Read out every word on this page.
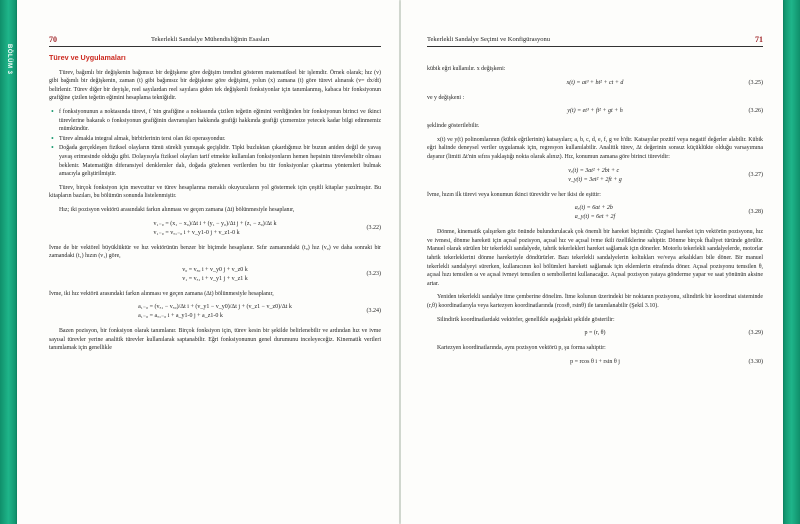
BÖLÜM 3
70	Tekerlekli Sandalye Mühendisliğinin Esasları
Türev ve Uygulamaları

Türev, bağımlı bir değişkenin bağımsız bir değişkene göre değişim trendini gösteren matematiksel bir işlemdir. Örnek olarak; hız (v) gibi bağımlı bir değişkenin, zaman (t) gibi bağımsız bir değişkene göre değişimi, yolun (x) zamana (t) göre türevi alınarak (v= dx/dt) belirlenir. Türev diğer bir deyişle, reel sayılardan reel sayılara giden tek değişkenli fonksiyonlar için tanımlanmış, kabaca bir fonksiyonun grafiğine çizilen teğetin eğimini hesaplama tekniğidir.

• f fonksiyonunun a noktasında türevi, f 'nin grafiğine a noktasında çizilen teğetin eğimini verdiğinden bir fonksiyonun birinci ve ikinci türevlerine bakarak o fonksiyonun grafiğinin davranışları hakkında grafiği hakkında grafiği çizmemize yetecek kadar bilgi edinmemiz mümkündür.
• Türev almakla integral almak, birbirlerinin tersi olan iki operasyondur.
• Doğada gerçekleşen fiziksel olayların tümü sürekli yumuşak geçişlidir. Tipki buzluktan çıkardığımız bir buzun aniden değil de yavaş yavaş erimesinde olduğu gibi. Dolayısıyla fiziksel olayları tarif etmekte kullanılan fonksiyonların hemen hepsinin türevlenebilir olması beklenir. Matematiğin diferansiyel denklemler dalı, doğada gözlenen verilerden bu tür fonksiyonlar çıkartma yöntemleri bulmak amacıyla geliştirilmiştir.

Türev, birçok fonksiyon için mevcuttur ve türev hesaplarına meraklı okuyucuların yol göstermek için çeşitli kitaplar yazılmıştır. Bu kitapların bazıları, bu bölümün sonunda listelenmiştir.

Hız; iki pozisyon vektörü arasındaki farkın alınması ve geçen zamana (Δt) bölünmesiyle hesaplanır,

v₁₋₀ = (x₁ − x₀)/Δt i + (y₁ − y₀)/Δt j + (z₁ − z₀)/Δt k
v₁₋₀ = vₓ₁₋₀ i + v_y1-0 j + v_z1-0 k
(3.22)

İvme de bir vektörel büyüklüktür ve hız vektörünün benzer bir biçimde hesaplanır. Sıfır zamanındaki (t₀) hız (v₀) ve daha sonraki bir zamandaki (t₁) hızın (v₁) göre,

v₀ = vₓ₀ i + v_y0 j + v_z0 k
v₁ = vₓ₁ i + v_y1 j + v_z1 k
(3.23)

İvme, iki hız vektörü arasındaki farkın alınması ve geçen zamana (Δt) bölünmesiyle hesaplanır,

a₁₋₀ = (vₓ₁ − vₓ₀)/Δt i + (v_y1 − v_y0)/Δt j + (v_z1 − v_z0)/Δt k
a₁₋₀ = aₓ₁₋₀ i + a_y1-0 j + a_z1-0 k
(3.24)

Bazen pozisyon, bir fonksiyon olarak tanımlanır. Birçok fonksiyon için, türev kesin bir şekilde belirlenebilir ve ardından hız ve ivme sayısal türevler yerine analitik türevler kullanılarak saptanabilir. Eğri fonksiyonunun genel durumunu inceleyeceğiz. Kinematik verileri tanımlamak için genellikle

Tekerlekli Sandalye Seçimi ve Konfigürasyonu	71

kübik eğri kullanılır. x değişkeni:

x(t) = at³ + bt² + ct + d	(3.25)

ve y değişkeni :

y(t) = et³ + ft² + gt + h	(3.26)

şeklinde gösterilebilir.

x(t) ve y(t) polinomlarının (kübik eğrilerinin) katsayıları; a, b, c, d, e, f, g ve h'dir. Katsayılar pozitif veya negatif değerler alabilir. Kübik eğri halinde deneysel veriler uygulamak için, regresyon kullanılabilir. Analitik türev, Δt değerinin sonsuz küçüklükte olduğu varsayımına dayanır (limiti Δt'nin sıfıra yaklaştığı nokta olarak alınız). Hız, konumun zamana göre birinci türevidir:

vₓ(t) = 3at² + 2bt + c
v_y(t) = 3et² + 2ft + g
(3.27)

İvme, hızın ilk türevi veya konumun ikinci türevidir ve her ikisi de eşittir:

aₓ(t) = 6at + 2b
a_y(t) = 6et + 2f
(3.28)

Dönme, kinematik çalışırken göz önünde bulundurulacak çok önemli bir hareket biçimidir. Çizgisel hareket için vektörün pozisyonu, hız ve ivmesi, dönme hareketi için açısal pozisyon, açısal hız ve açısal ivme ikili özelliklerine sahiptir. Dönme birçok fhaliyet türünde görülür. Manuel olarak sürülen bir tekerlekli sandalyede, tahrik tekerlekleri hareket sağlamak için dönerler. Motorlu tekerlekli sandalyelerde, motorlar tahrik tekerleklerini dönme hareketiyle döndürürler. Bazı tekerlekli sandalyelerin koltukları ve/veya arkalıkları bile döner. Bir manuel tekerlekli sandalyeyi sürerken, kullanıcının kol bölümleri hareketi sağlamak için eklemlerin etrafında döner. Açısal pozisyonu temsilen θ, açısal hızı temsilen ω ve açısal ivmeyi temsilen α sembollerini kullanacağız. Açısal pozisyon yataya gönderme yapar ve saat yönünün aksine artar.

Yeniden tekerlekli sandalye itme çemberine dönelim. İtme kolunun üzerindeki bir noktanın pozisyonu, silindirik bir koordinat sisteminde (r,θ) koordinatlarıyla veya kartezyen koordinatlarında (rcosθ, rsinθ) ile tanımlanabilir (Şekil 3.10).

Silindirik koordinatlardaki vektörler, genellikle aşağıdaki şekilde gösterilir:

p = (r, θ)	(3.29)

Kartezyen koordinatlarında, aynı pozisyon vektörü p, şu forma sahiptir:

p = rcos θ i + rsin θ j	(3.30)
